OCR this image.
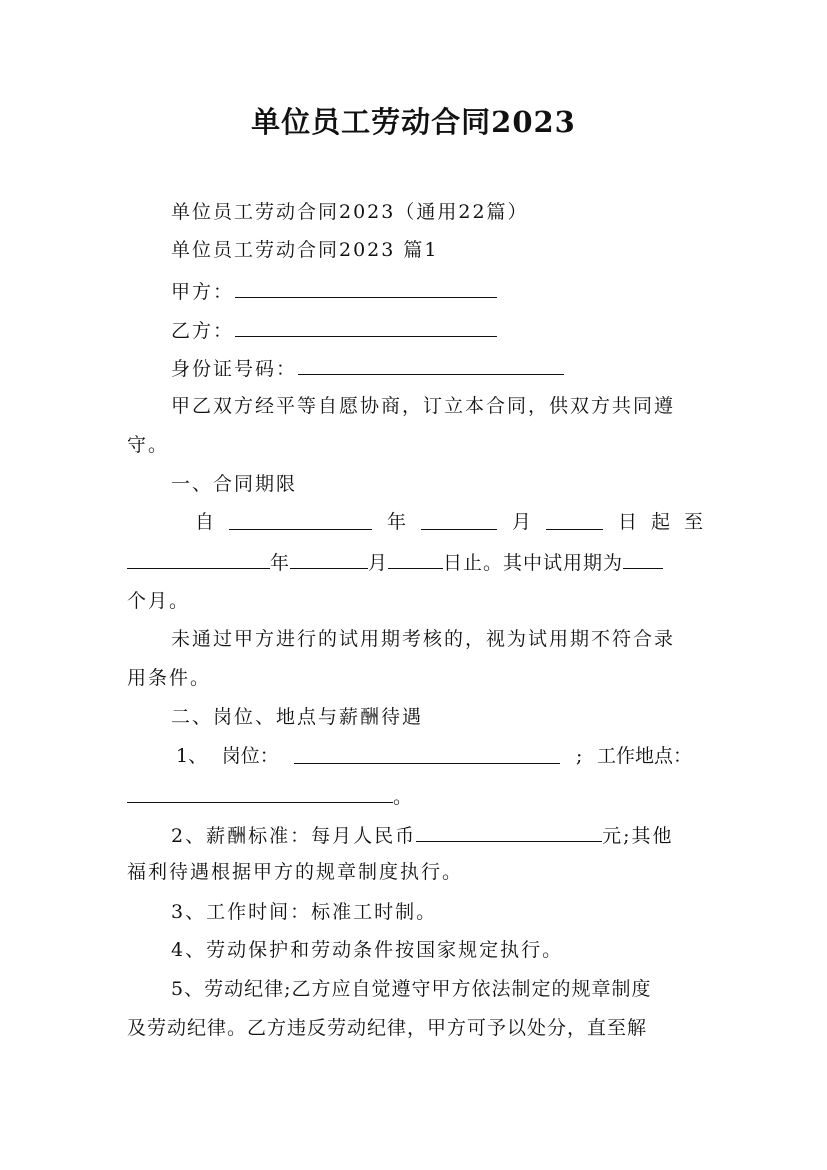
单位员工劳动合同2023
单位员工劳动合同2023（通用22篇）
单位员工劳动合同2023 篇1
甲方：
乙方：
身份证号码：
甲乙双方经平等自愿协商，订立本合同，供双方共同遵
守。
一、合同期限
自	年	月	日 起 至
年	月	日止。其中试用期为
个月。
未通过甲方进行的试用期考核的，视为试用期不符合录
用条件。
二、岗位、地点与薪酬待遇
1、 岗位：	; 工作地点：
。
2、薪酬标准：每月人民币	元;其他
福利待遇根据甲方的规章制度执行。
3、工作时间：标准工时制。
4、劳动保护和劳动条件按国家规定执行。
5、劳动纪律;乙方应自觉遵守甲方依法制定的规章制度
及劳动纪律。乙方违反劳动纪律，甲方可予以处分，直至解
